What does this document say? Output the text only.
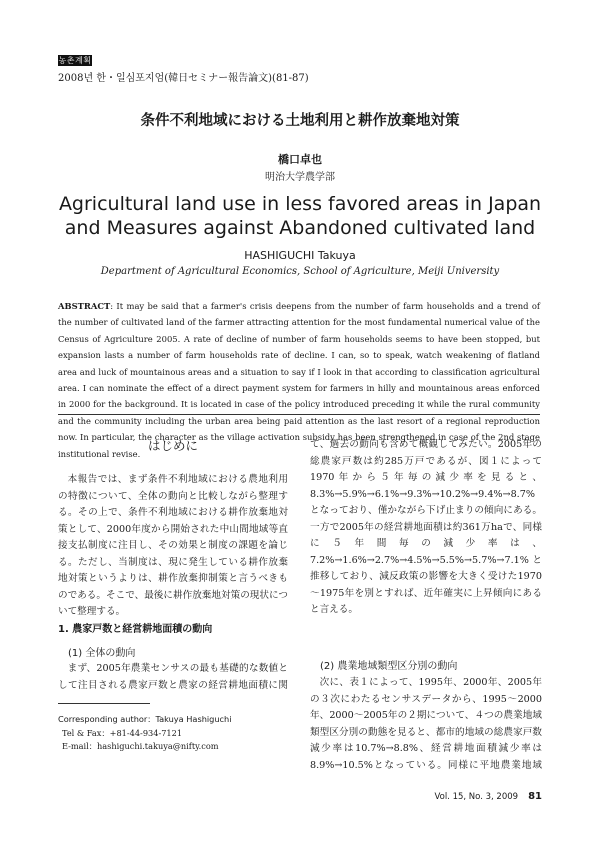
농촌계획
2008년 한・일심포지엄(韓日セミナー報告論文)(81-87)
条件不利地域における土地利用と耕作放棄地対策
橋口卓也
明治大学農学部
Agricultural land use in less favored areas in Japan
and Measures against Abandoned cultivated land
HASHIGUCHI Takuya
Department of Agricultural Economics, School of Agriculture, Meiji University
ABSTRACT: It may be said that a farmer's crisis deepens from the number of farm households and a trend of the number of cultivated land of the farmer attracting attention for the most fundamental numerical value of the Census of Agriculture 2005. A rate of decline of number of farm households seems to have been stopped, but expansion lasts a number of farm households rate of decline. I can, so to speak, watch weakening of flatland area and luck of mountainous areas and a situation to say if I look in that according to classification agricultural area. I can nominate the effect of a direct payment system for farmers in hilly and mountainous areas enforced in 2000 for the background. It is located in case of the policy introduced preceding it while the rural community and the community including the urban area being paid attention as the last resort of a regional reproduction now. In particular, the character as the village activation subsidy has been strengthened in case of the 2nd stage institutional revise.
はじめに

本報告では、まず条件不利地域における農地利用の特徴について、全体の動向と比較しながら整理する。その上で、条件不利地域における耕作放棄地対策として、2000年度から開始された中山間地域等直接支払制度に注目し、その効果と制度の課題を論じる。ただし、当制度は、現に発生している耕作放棄地対策というよりは、耕作放棄抑制策と言うべきものである。そこで、最後に耕作放棄地対策の現状について整理する。

1. 農家戸数と経営耕地面積の動向
(1) 全体の動向

まず、2005年農業センサスの最も基礎的な数値として注目される農家戸数と農家の経営耕地面積に関

て、過去の動向も含めて概観してみたい。2005年の総農家戸数は約285万戸であるが、図１によって1970年から５年毎の減少率を見ると、8.3%→5.9%→6.1%→9.3%→10.2%→9.4%→8.7%となっており、僅かながら下げ止まりの傾向にある。一方で2005年の経営耕地面積は約361万haで、同様に５年間毎の減少率は、7.2%→1.6%→2.7%→4.5%→5.5%→5.7%→7.1%と推移しており、減反政策の影響を大きく受けた1970～1975年を別とすれば、近年確実に上昇傾向にあると言える。

(2) 農業地域類型区分別の動向

次に、表１によって、1995年、2000年、2005年の３次にわたるセンサスデータから、1995～2000年、2000～2005年の２期について、４つの農業地域類型区分別の動態を見ると、都市的地域の総農家戸数減少率は10.7%→8.8%、経営耕地面積減少率は8.9%→10.5%となっている。同様に平地農業地域

Corresponding author：Takuya Hashiguchi
Tel & Fax：+81-44-934-7121
E-mail：hashiguchi.takuya@nifty.com
Vol. 15, No. 3, 2009 81
